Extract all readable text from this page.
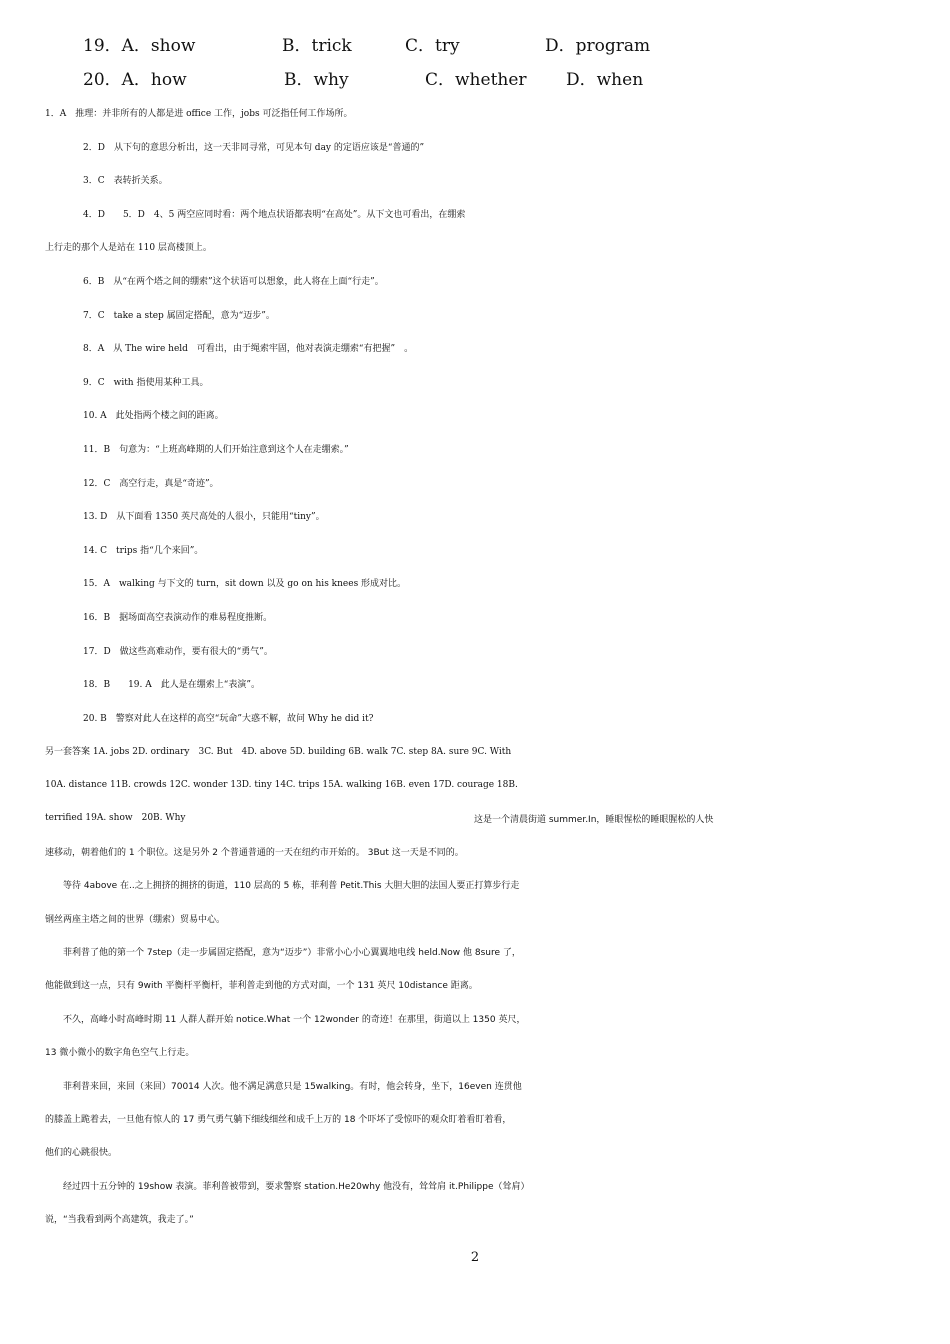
19．A．show	B．trick	C．try	D．program
20．A．how	B．why	C．whether D．when
1．A　推理：并非所有的人都是进 office 工作，jobs 可泛指任何工作场所。
2．D　从下句的意思分析出，这一天非同寻常，可见本句 day 的定语应该是“普通的”
3．C　表转折关系。
4．D　　5．D　4、5 两空应同时看：两个地点状语都表明“在高处”。从下文也可看出，在绷索
上行走的那个人是站在 110 层高楼顶上。
6．B　从“在两个塔之间的绷索”这个状语可以想象，此人将在上面“行走”。
7．C　take a step 属固定搭配，意为“迈步”。
8．A　从 The wire held　可看出，由于绳索牢固，他对表演走绷索“有把握”　。
9．C　with 指使用某种工具。
10. A　此处指两个楼之间的距离。
11．B　句意为：“上班高峰期的人们开始注意到这个人在走绷索。”
12．C　高空行走，真是“奇迹”。
13. D　从下面看 1350 英尺高处的人很小，只能用“tiny”。
14. C　trips 指“几个来回”。
15．A　walking 与下文的 turn，sit down 以及 go on his knees 形成对比。
16．B　据场面高空表演动作的难易程度推断。
17．D　做这些高难动作，要有很大的“勇气”。
18．B　　19. A　此人是在绷索上“表演”。
20. B　警察对此人在这样的高空“玩命”大惑不解，故问 Why he did it?
另一套答案 1A. jobs 2D. ordinary　3C. But　4D. above 5D. building 6B. walk 7C. step 8A. sure 9C. With
10A. distance 11B. crowds 12C. wonder 13D. tiny 14C. trips 15A. walking 16B. even 17D. courage 18B.
terrified 19A. show　20B. Why	这是一个清晨街道 summer.In，睡眼惺松的睡眼腥松的人快
速移动，朝着他们的 1 个职位。这是另外 2 个普通普通的一天在纽约市开始的。 3But 这一天是不同的。
　　等待 4above 在..之上拥挤的拥挤的街道，110 层高的 5 栋，菲利普 Petit.This 大胆大胆的法国人要正打算步行走
钢丝两座主塔之间的世界（绷索）贸易中心。
　　菲利普了他的第一个 7step（走一步属固定搭配，意为“迈步”）非常小心小心翼翼地电线 held.Now 他 8sure 了，
他能做到这一点，只有 9with 平衡杆平衡杆，菲利普走到他的方式对面，一个 131 英尺 10distance 距离。
　　不久，高峰小时高峰时期 11 人群人群开始 notice.What 一个 12wonder 的奇迹！在那里，街道以上 1350 英尺，
13 微小微小的数字角色空气上行走。
　　菲利普来回，来回（来回）70014 人次。他不满足满意只是 15walking。有时，他会转身，坐下，16even 连贯他
的膝盖上跪着去，一旦他有惊人的 17 勇气勇气躺下细线细丝和成千上万的 18 个吓坏了受惊吓的观众盯着看盯着看，
他们的心跳很快。
　　经过四十五分钟的 19show 表演。菲利普被带到，要求警察 station.He20why 他没有，耸耸肩 it.Philippe（耸肩）
说，“当我看到两个高建筑，我走了。”
2
